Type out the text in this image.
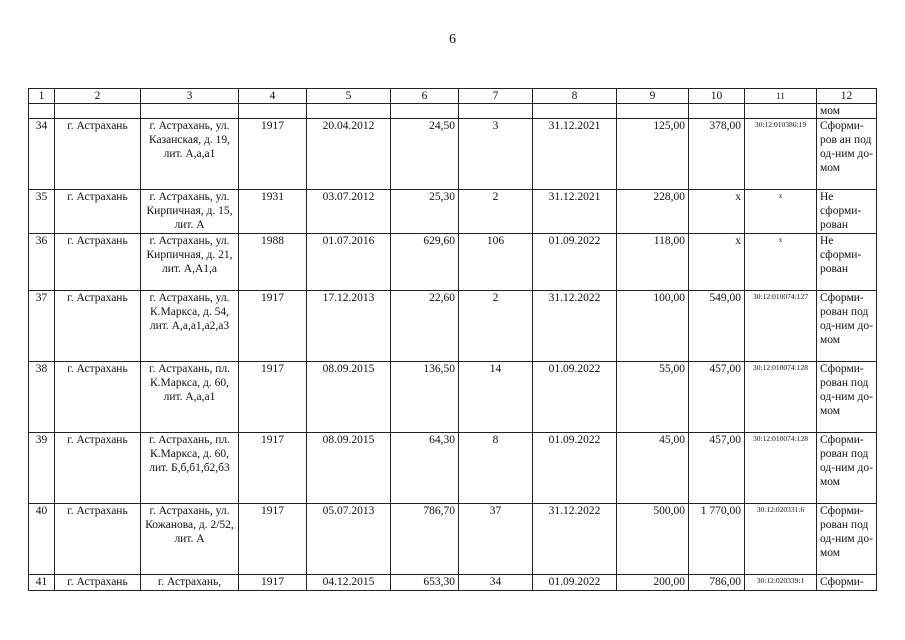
6
1	2	3	4	5	6	7	8	9	10	11	12
											мом
34	г. Астрахань	г. Астрахань, ул. Казанская, д. 19, лит. А,а,а1	1917	20.04.2012	24,50	3	31.12.2021	125,00	378,00	30:12:010386:19	Сформи-ров ан под од-ним до-мом
35	г. Астрахань	г. Астрахань, ул. Кирпичная, д. 15, лит. А	1931	03.07.2012	25,30	2	31.12.2021	228,00	х	х	Не сформи-рован
36	г. Астрахань	г. Астрахань, ул. Кирпичная, д. 21, лит. А,А1,а	1988	01.07.2016	629,60	106	01.09.2022	118,00	х	х	Не сформи-рован
37	г. Астрахань	г. Астрахань, ул. К.Маркса, д. 54, лит. А,а,а1,а2,а3	1917	17.12.2013	22,60	2	31.12.2022	100,00	549,00	30:12:010074:127	Сформи-рован под од-ним до-мом
38	г. Астрахань	г. Астрахань, пл. К.Маркса, д. 60, лит. А,а,а1	1917	08.09.2015	136,50	14	01.09.2022	55,00	457,00	30:12:010074:128	Сформи-рован под од-ним до-мом
39	г. Астрахань	г. Астрахань, пл. К.Маркса, д. 60, лит. Б,б,б1,б2,б3	1917	08.09.2015	64,30	8	01.09.2022	45,00	457,00	30:12:010074:128	Сформи-рован под од-ним до-мом
40	г. Астрахань	г. Астрахань, ул. Кожанова, д. 2/52, лит. А	1917	05.07.2013	786,70	37	31.12.2022	500,00	1 770,00	30:12:020331:6	Сформи-рован под од-ним до-мом
41	г. Астрахань	г. Астрахань,	1917	04.12.2015	653,30	34	01.09.2022	200,00	786,00	30:12:020339:1	Сформи-
